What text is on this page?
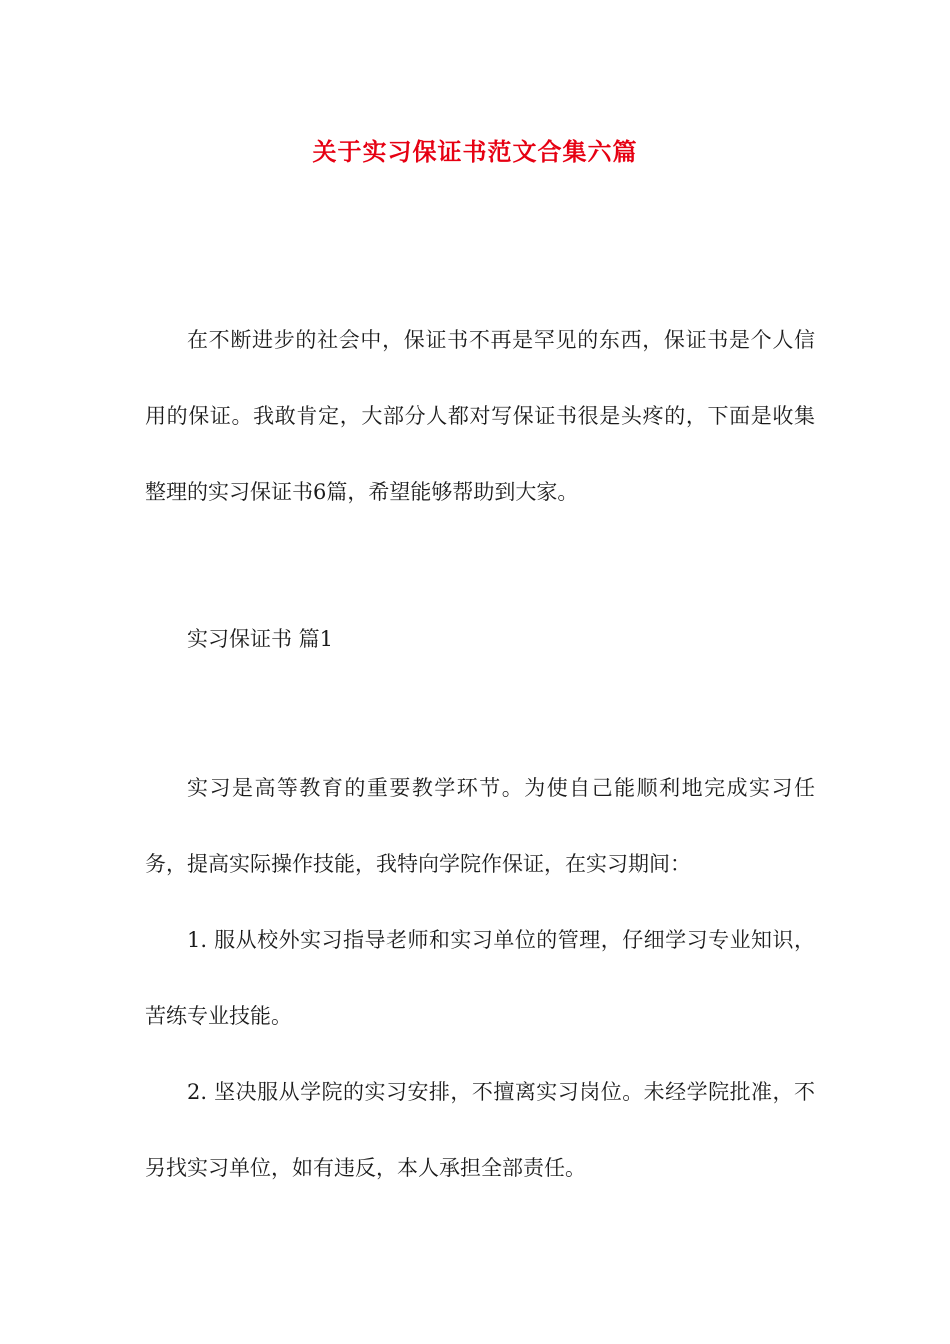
关于实习保证书范文合集六篇

在不断进步的社会中，保证书不再是罕见的东西，保证书是个人信用的保证。我敢肯定，大部分人都对写保证书很是头疼的，下面是收集整理的实习保证书6篇，希望能够帮助到大家。

实习保证书 篇1

实习是高等教育的重要教学环节。为使自己能顺利地完成实习任务，提高实际操作技能，我特向学院作保证，在实习期间：

1. 服从校外实习指导老师和实习单位的管理，仔细学习专业知识，苦练专业技能。

2. 坚决服从学院的实习安排，不擅离实习岗位。未经学院批准，不另找实习单位，如有违反，本人承担全部责任。
